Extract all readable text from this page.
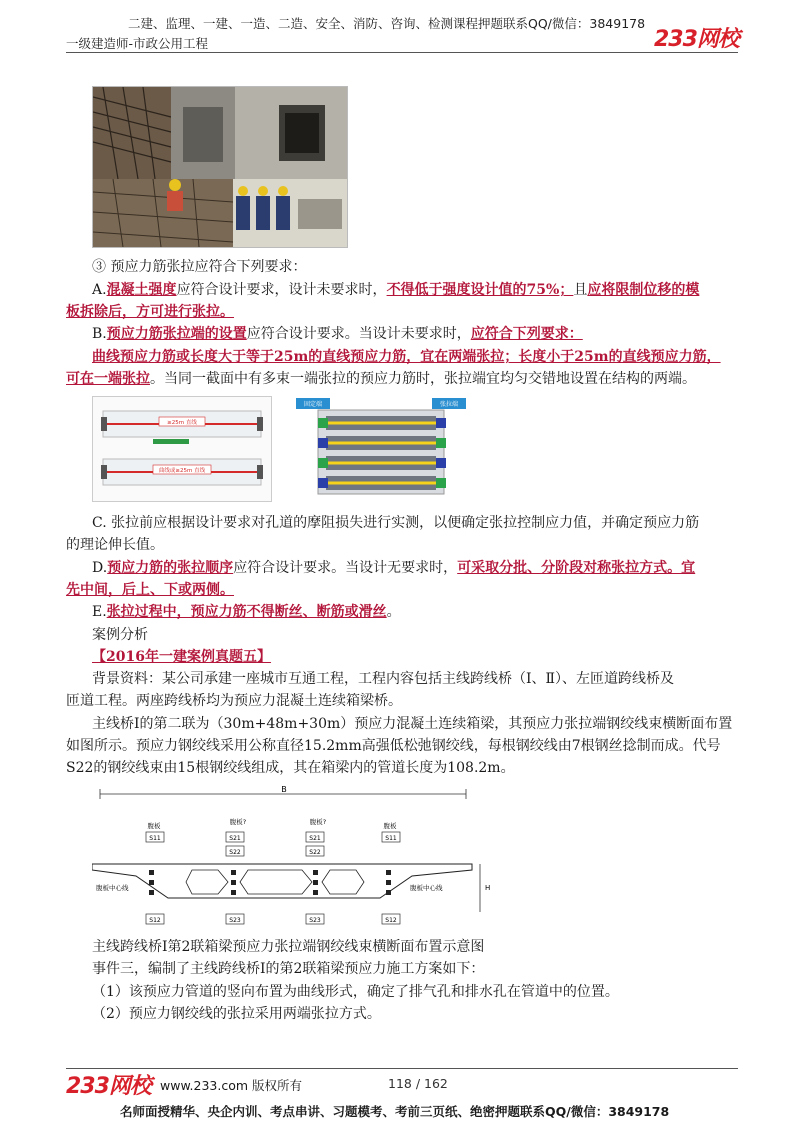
二建、监理、一建、一造、二造、安全、消防、咨询、检测课程押题联系QQ/微信：3849178
一级建造师-市政公用工程	233网校
③ 预应力筋张拉应符合下列要求：
A.混凝土强度应符合设计要求，设计未要求时，不得低于强度设计值的75%；且应将限制位移的模
板拆除后，方可进行张拉。
B.预应力筋张拉端的设置应符合设计要求。当设计未要求时，应符合下列要求：
曲线预应力筋或长度大于等于25m的直线预应力筋，宜在两端张拉；长度小于25m的直线预应力筋，
可在一端张拉。当同一截面中有多束一端张拉的预应力筋时，张拉端宜均匀交错地设置在结构的两端。
≥25m 直线
曲线或≥25m 直线
固定端	张拉端
C. 张拉前应根据设计要求对孔道的摩阻损失进行实测，以便确定张拉控制应力值，并确定预应力筋
的理论伸长值。
D.预应力筋的张拉顺序应符合设计要求。当设计无要求时，可采取分批、分阶段对称张拉方式。宜
先中间，后上、下或两侧。
E.张拉过程中，预应力筋不得断丝、断筋或滑丝。
案例分析
【2016年一建案例真题五】
背景资料：某公司承建一座城市互通工程，工程内容包括主线跨线桥（Ⅰ、Ⅱ）、左匝道跨线桥及
匝道工程。两座跨线桥均为预应力混凝土连续箱梁桥。
主线桥Ⅰ的第二联为（30m+48m+30m）预应力混凝土连续箱梁，其预应力张拉端钢绞线束横断面布置
如图所示。预应力钢绞线采用公称直径15.2mm高强低松弛钢绞线，每根钢绞线由7根钢丝捻制而成。代号
S22的钢绞线束由15根钢绞线组成，其在箱梁内的管道长度为108.2m。
B
腹板	腹板?	腹板?	腹板
S11	S21	S21	S11
S22	S22
腹板中心线	腹板中心线	H
S12	S23	S23	S12
主线跨线桥Ⅰ第2联箱梁预应力张拉端钢绞线束横断面布置示意图
事件三，编制了主线跨线桥Ⅰ的第2联箱梁预应力施工方案如下：
（1）该预应力管道的竖向布置为曲线形式，确定了排气孔和排水孔在管道中的位置。
（2）预应力钢绞线的张拉采用两端张拉方式。
233网校 www.233.com 版权所有	118 / 162
名师面授精华、央企内训、考点串讲、习题模考、考前三页纸、绝密押题联系QQ/微信：3849178
